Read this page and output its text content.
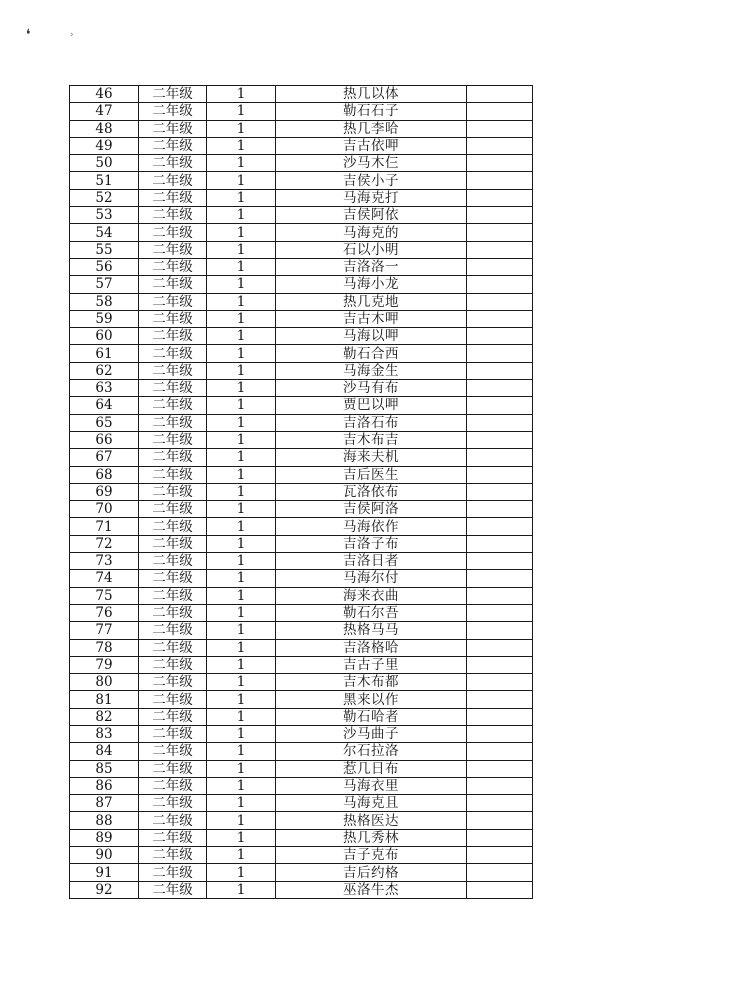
❛	›
46	二年级	1	热几以体	
47	二年级	1	勒石石子	
48	二年级	1	热几李哈	
49	二年级	1	吉古依呷	
50	二年级	1	沙马木仨	
51	二年级	1	吉侯小子	
52	二年级	1	马海克打	
53	二年级	1	吉侯阿依	
54	二年级	1	马海克的	
55	二年级	1	石以小明	
56	二年级	1	吉洛洛一	
57	二年级	1	马海小龙	
58	二年级	1	热几克地	
59	二年级	1	吉古木呷	
60	二年级	1	马海以呷	
61	二年级	1	勒石合西	
62	二年级	1	马海金生	
63	二年级	1	沙马有布	
64	二年级	1	贾巴以呷	
65	二年级	1	吉洛石布	
66	二年级	1	吉木布吉	
67	二年级	1	海来夫机	
68	二年级	1	吉后医生	
69	二年级	1	瓦洛依布	
70	二年级	1	吉侯阿洛	
71	二年级	1	马海依作	
72	二年级	1	吉洛子布	
73	二年级	1	吉洛日者	
74	二年级	1	马海尔付	
75	二年级	1	海来衣曲	
76	二年级	1	勒石尔吾	
77	二年级	1	热格马马	
78	二年级	1	吉洛格哈	
79	二年级	1	吉古子里	
80	二年级	1	吉木布都	
81	二年级	1	黑来以作	
82	二年级	1	勒石哈者	
83	二年级	1	沙马曲子	
84	二年级	1	尔石拉洛	
85	二年级	1	惹几日布	
86	二年级	1	马海衣里	
87	二年级	1	马海克且	
88	二年级	1	热格医达	
89	二年级	1	热几秀林	
90	二年级	1	吉子克布	
91	二年级	1	吉后约格	
92	二年级	1	巫洛牛杰	
